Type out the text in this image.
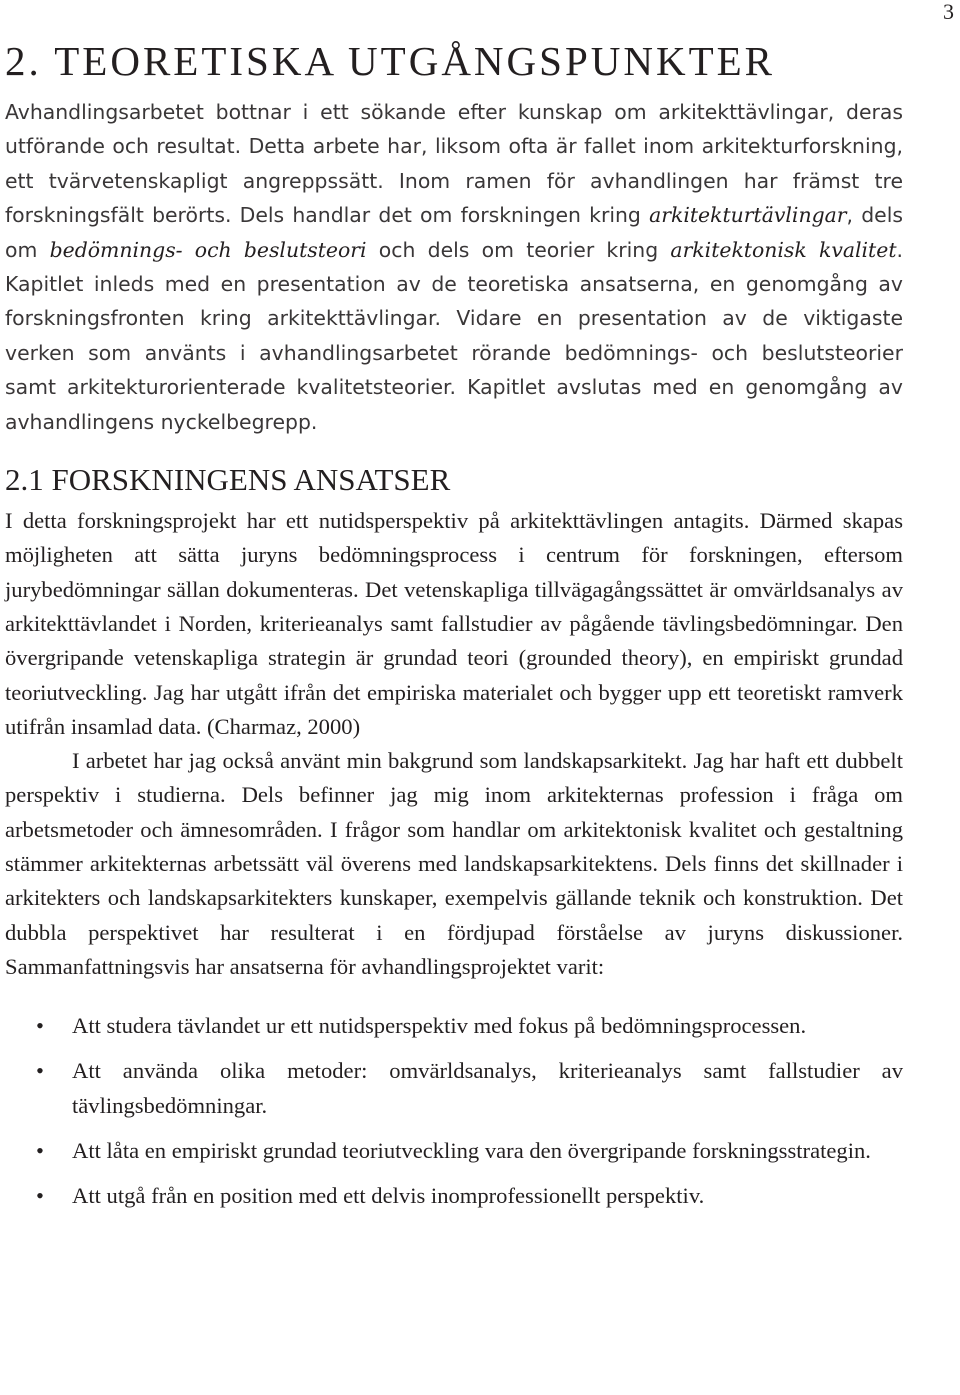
3
2. TEORETISKA UTGÅNGSPUNKTER

Avhandlingsarbetet bottnar i ett sökande efter kunskap om arkitekttävlingar, deras utförande och resultat. Detta arbete har, liksom ofta är fallet inom arkitekturforskning, ett tvärvetenskapligt angreppssätt. Inom ramen för avhandlingen har främst tre forskningsfält berörts. Dels handlar det om forskningen kring arkitekturtävlingar, dels om bedömnings- och beslutsteori och dels om teorier kring arkitektonisk kvalitet. Kapitlet inleds med en presentation av de teoretiska ansatserna, en genomgång av forskningsfronten kring arkitekttävlingar. Vidare en presentation av de viktigaste verken som använts i avhandlingsarbetet rörande bedömnings- och beslutsteorier samt arkitekturorienterade kvalitetsteorier. Kapitlet avslutas med en genomgång av avhandlingens nyckelbegrepp.

2.1 FORSKNINGENS ANSATSER

I detta forskningsprojekt har ett nutidsperspektiv på arkitekttävlingen antagits. Därmed skapas möjligheten att sätta juryns bedömningsprocess i centrum för forskningen, eftersom jurybedömningar sällan dokumenteras. Det vetenskapliga tillvägagångssättet är omvärldsanalys av arkitekttävlandet i Norden, kriterieanalys samt fallstudier av pågående tävlingsbedömningar. Den övergripande vetenskapliga strategin är grundad teori (grounded theory), en empiriskt grundad teoriutveckling. Jag har utgått ifrån det empiriska materialet och bygger upp ett teoretiskt ramverk utifrån insamlad data. (Charmaz, 2000)

I arbetet har jag också använt min bakgrund som landskapsarkitekt. Jag har haft ett dubbelt perspektiv i studierna. Dels befinner jag mig inom arkitekternas profession i fråga om arbetsmetoder och ämnesområden. I frågor som handlar om arkitektonisk kvalitet och gestaltning stämmer arkitekternas arbetssätt väl överens med landskapsarkitektens. Dels finns det skillnader i arkitekters och landskapsarkitekters kunskaper, exempelvis gällande teknik och konstruktion. Det dubbla perspektivet har resulterat i en fördjupad förståelse av juryns diskussioner. Sammanfattningsvis har ansatserna för avhandlingsprojektet varit:

• Att studera tävlandet ur ett nutidsperspektiv med fokus på bedömningsprocessen.
• Att använda olika metoder: omvärldsanalys, kriterieanalys samt fallstudier av tävlingsbedömningar.
• Att låta en empiriskt grundad teoriutveckling vara den övergripande forskningsstrategin.
• Att utgå från en position med ett delvis inomprofessionellt perspektiv.
